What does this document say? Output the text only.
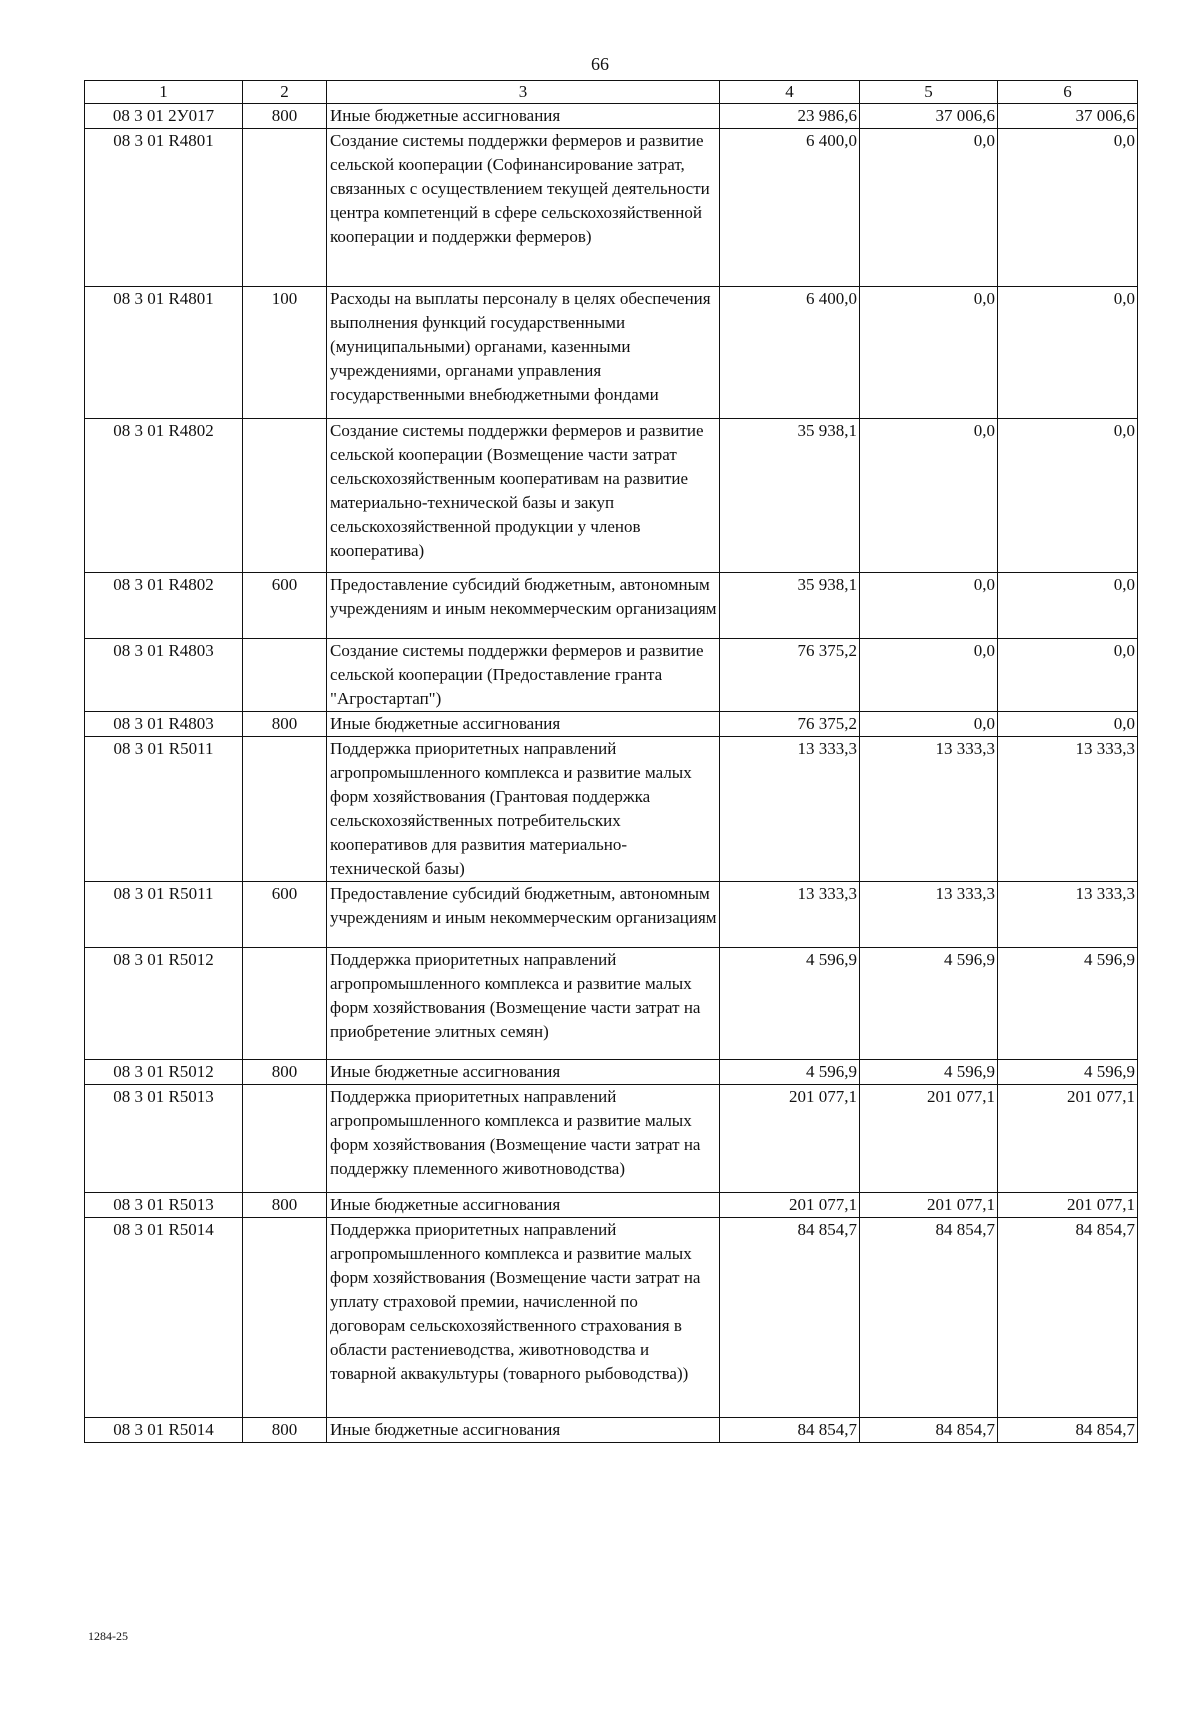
66
1	2	3	4	5	6
08 3 01 2У017	800	Иные бюджетные ассигнования	23 986,6	37 006,6	37 006,6
08 3 01 R4801		Создание системы поддержки фермеров и развитие сельской кооперации (Софинансирование затрат, связанных с осуществлением текущей деятельности центра компетенций в сфере сельскохозяйственной кооперации и поддержки фермеров)	6 400,0	0,0	0,0
08 3 01 R4801	100	Расходы на выплаты персоналу в целях обеспечения выполнения функций государственными (муниципальными) органами, казенными учреждениями, органами управления государственными внебюджетными фондами	6 400,0	0,0	0,0
08 3 01 R4802		Создание системы поддержки фермеров и развитие сельской кооперации (Возмещение части затрат сельскохозяйственным кооперативам на развитие материально-технической базы и закуп сельскохозяйственной продукции у членов кооператива)	35 938,1	0,0	0,0
08 3 01 R4802	600	Предоставление субсидий бюджетным, автономным учреждениям и иным некоммерческим организациям	35 938,1	0,0	0,0
08 3 01 R4803		Создание системы поддержки фермеров и развитие сельской кооперации (Предоставление гранта "Агростартап")	76 375,2	0,0	0,0
08 3 01 R4803	800	Иные бюджетные ассигнования	76 375,2	0,0	0,0
08 3 01 R5011		Поддержка приоритетных направлений агропромышленного комплекса и развитие малых форм хозяйствования (Грантовая поддержка сельскохозяйственных потребительских кооперативов для развития материально-технической базы)	13 333,3	13 333,3	13 333,3
08 3 01 R5011	600	Предоставление субсидий бюджетным, автономным учреждениям и иным некоммерческим организациям	13 333,3	13 333,3	13 333,3
08 3 01 R5012		Поддержка приоритетных направлений агропромышленного комплекса и развитие малых форм хозяйствования (Возмещение части затрат на приобретение элитных семян)	4 596,9	4 596,9	4 596,9
08 3 01 R5012	800	Иные бюджетные ассигнования	4 596,9	4 596,9	4 596,9
08 3 01 R5013		Поддержка приоритетных направлений агропромышленного комплекса и развитие малых форм хозяйствования (Возмещение части затрат на поддержку племенного животноводства)	201 077,1	201 077,1	201 077,1
08 3 01 R5013	800	Иные бюджетные ассигнования	201 077,1	201 077,1	201 077,1
08 3 01 R5014		Поддержка приоритетных направлений агропромышленного комплекса и развитие малых форм хозяйствования (Возмещение части затрат на уплату страховой премии, начисленной по договорам сельскохозяйственного страхования в области растениеводства, животноводства и товарной аквакультуры (товарного рыбоводства))	84 854,7	84 854,7	84 854,7
08 3 01 R5014	800	Иные бюджетные ассигнования	84 854,7	84 854,7	84 854,7
1284-25
